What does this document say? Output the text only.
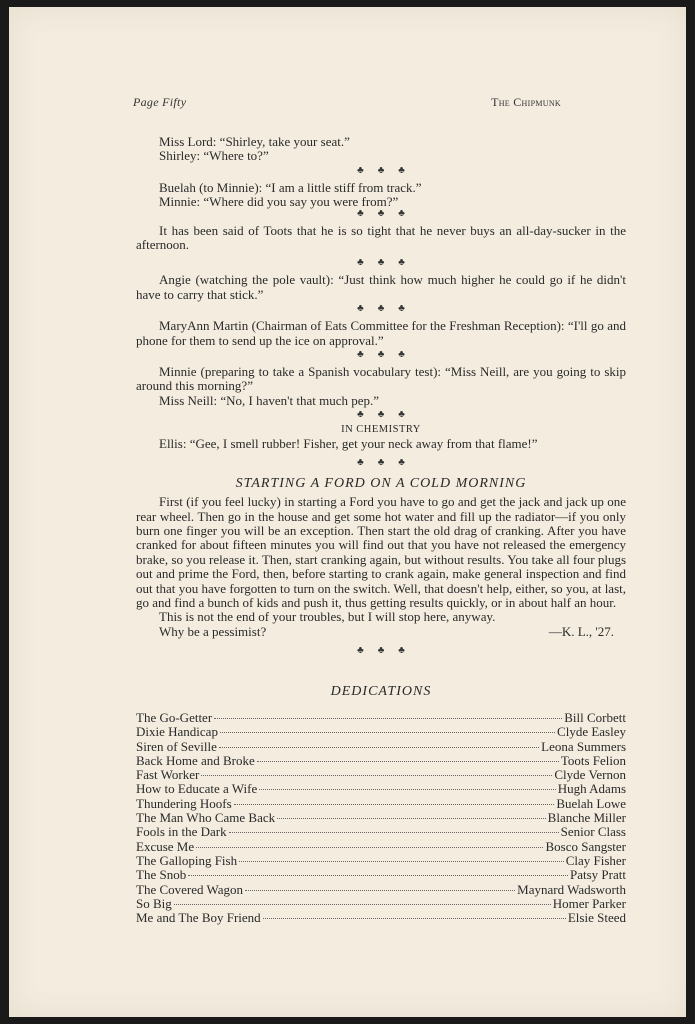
Page Fifty	The Chipmunk
Miss Lord: “Shirley, take your seat.”
Shirley: “Where to?”
♣♣♣
Buelah (to Minnie): “I am a little stiff from track.”
Minnie: “Where did you say you were from?”
♣♣♣

It has been said of Toots that he is so tight that he never buys an all-day-sucker in the afternoon.

♣♣♣

Angie (watching the pole vault): “Just think how much higher he could go if he didn't have to carry that stick.”

♣♣♣

MaryAnn Martin (Chairman of Eats Committee for the Freshman Reception): “I'll go and phone for them to send up the ice on approval.”

♣♣♣

Minnie (preparing to take a Spanish vocabulary test): “Miss Neill, are you going to skip around this morning?”

Miss Neill: “No, I haven't that much pep.”
♣♣♣
IN CHEMISTRY
Ellis: “Gee, I smell rubber! Fisher, get your neck away from that flame!”
♣♣♣
STARTING A FORD ON A COLD MORNING

First (if you feel lucky) in starting a Ford you have to go and get the jack and jack up one rear wheel. Then go in the house and get some hot water and fill up the radiator—if you only burn one finger you will be an exception. Then start the old drag of cranking. After you have cranked for about fifteen minutes you will find out that you have not released the emergency brake, so you release it. Then, start cranking again, but without results. You take all four plugs out and prime the Ford, then, before starting to crank again, make general inspection and find out that you have forgotten to turn on the switch. Well, that doesn't help, either, so you, at last, go and find a bunch of kids and push it, thus getting results quickly, or in about half an hour.

This is not the end of your troubles, but I will stop here, anyway.

Why be a pessimist?	—K. L., '27.
♣♣♣
DEDICATIONS
The Go-Getter	Bill Corbett
Dixie Handicap	Clyde Easley
Siren of Seville	Leona Summers
Back Home and Broke	Toots Felion
Fast Worker	Clyde Vernon
How to Educate a Wife	Hugh Adams
Thundering Hoofs	Buelah Lowe
The Man Who Came Back	Blanche Miller
Fools in the Dark	Senior Class
Excuse Me	Bosco Sangster
The Galloping Fish	Clay Fisher
The Snob	Patsy Pratt
The Covered Wagon	Maynard Wadsworth
So Big	Homer Parker
Me and The Boy Friend	Elsie Steed
